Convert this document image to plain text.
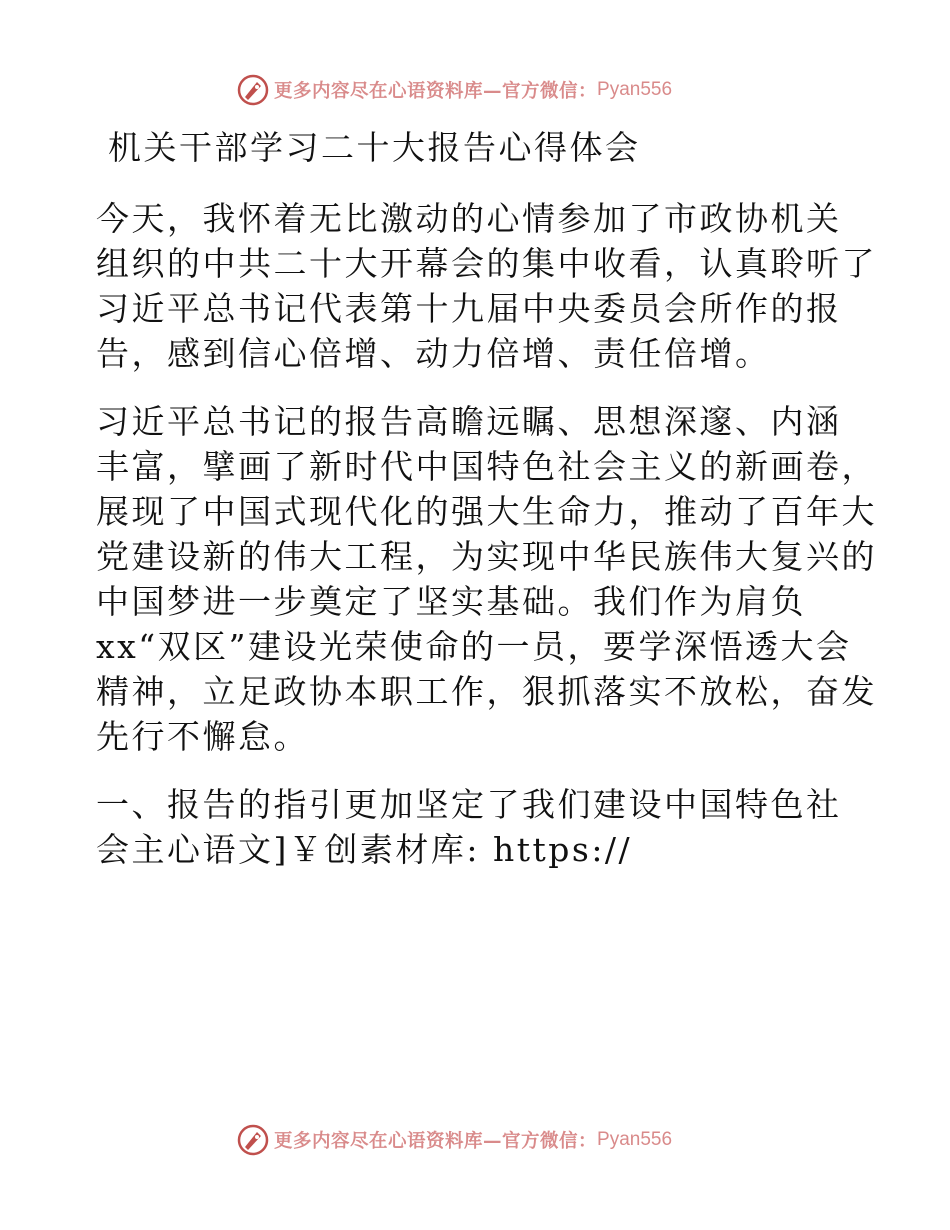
更多内容尽在心语资料库—官方微信： Pyan556
机关干部学习二十大报告心得体会

今天，我怀着无比激动的心情参加了市政协机关
组织的中共二十大开幕会的集中收看，认真聆听了
习近平总书记代表第十九届中央委员会所作的报
告，感到信心倍增、动力倍增、责任倍增。

习近平总书记的报告高瞻远瞩、思想深邃、内涵
丰富，擘画了新时代中国特色社会主义的新画卷，
展现了中国式现代化的强大生命力，推动了百年大
党建设新的伟大工程，为实现中华民族伟大复兴的
中国梦进一步奠定了坚实基础。我们作为肩负
xx“双区”建设光荣使命的一员，要学深悟透大会
精神，立足政协本职工作，狠抓落实不放松，奋发
先行不懈怠。

一、报告的指引更加坚定了我们建设中国特色社
会主心语文]￥创素材库: https://

更多内容尽在心语资料库—官方微信： Pyan556
